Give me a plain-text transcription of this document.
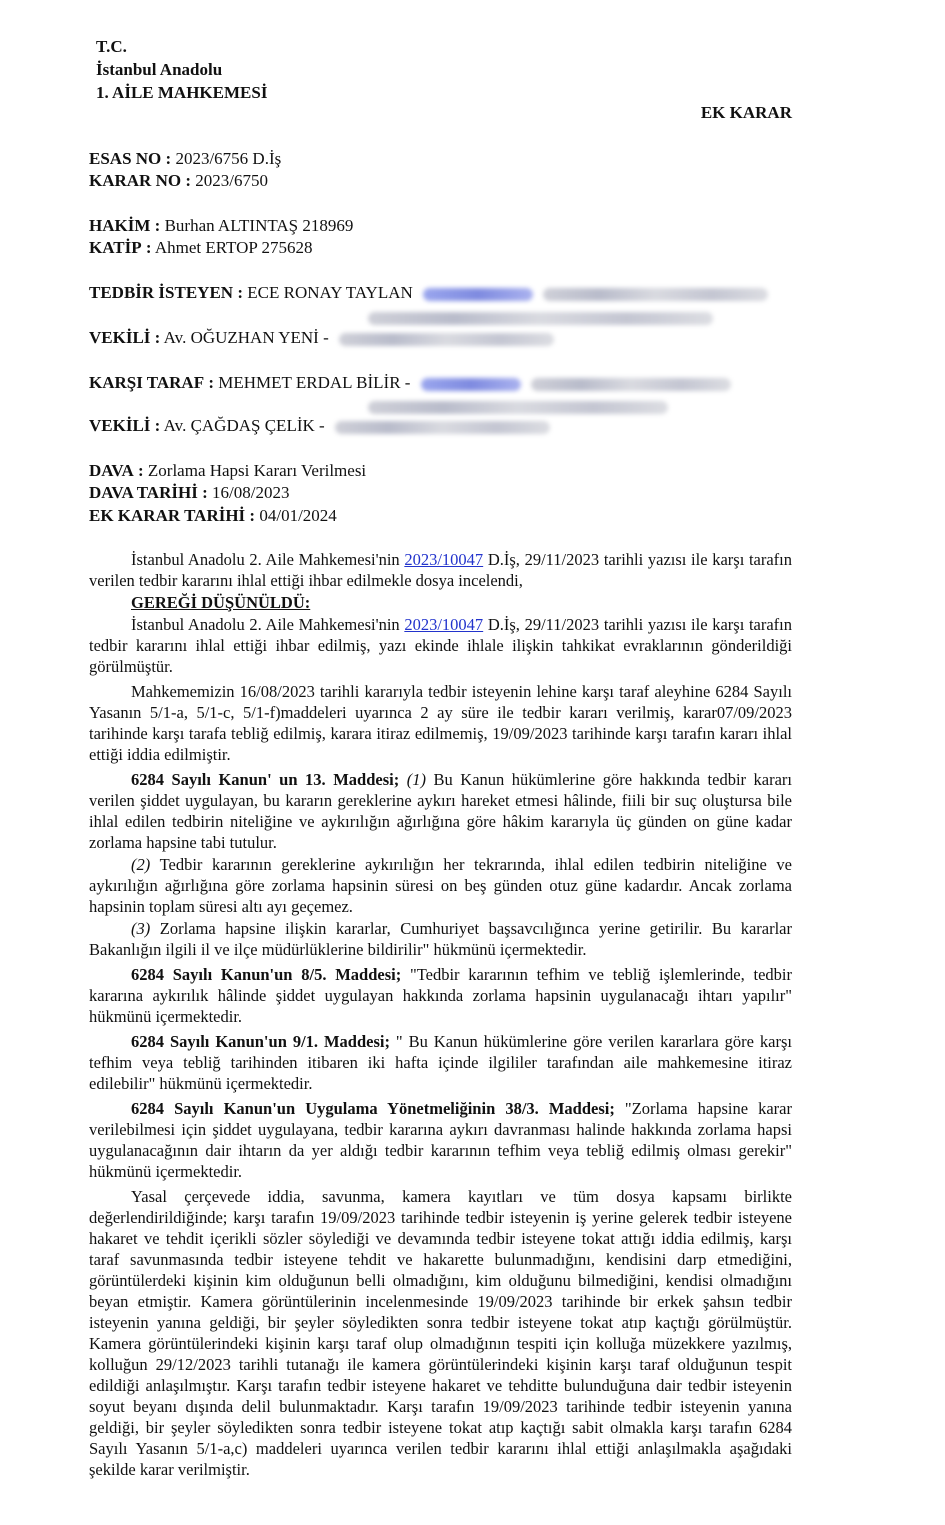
T.C.
İstanbul Anadolu
1. AİLE MAHKEMESİ
EK KARAR
ESAS NO : 2023/6756 D.İş
KARAR NO : 2023/6750
HAKİM : Burhan ALTINTAŞ 218969
KATİP : Ahmet ERTOP 275628
TEDBİR İSTEYEN : ECE RONAY TAYLAN
VEKİLİ : Av. OĞUZHAN YENİ -
KARŞI TARAF : MEHMET ERDAL BİLİR -
VEKİLİ : Av. ÇAĞDAŞ ÇELİK -
DAVA : Zorlama Hapsi Kararı Verilmesi
DAVA TARİHİ : 16/08/2023
EK KARAR TARİHİ : 04/01/2024

İstanbul Anadolu 2. Aile Mahkemesi'nin 2023/10047 D.İş, 29/11/2023 tarihli yazısı ile karşı tarafın verilen tedbir kararını ihlal ettiği ihbar edilmekle dosya incelendi,

GEREĞİ DÜŞÜNÜLDÜ:

İstanbul Anadolu 2. Aile Mahkemesi'nin 2023/10047 D.İş, 29/11/2023 tarihli yazısı ile karşı tarafın tedbir kararını ihlal ettiği ihbar edilmiş, yazı ekinde ihlale ilişkin tahkikat evraklarının gönderildiği görülmüştür.

Mahkememizin 16/08/2023 tarihli kararıyla tedbir isteyenin lehine karşı taraf aleyhine 6284 Sayılı Yasanın 5/1-a, 5/1-c, 5/1-f)maddeleri uyarınca 2 ay süre ile tedbir kararı verilmiş, karar07/09/2023 tarihinde karşı tarafa tebliğ edilmiş, karara itiraz edilmemiş, 19/09/2023 tarihinde karşı tarafın kararı ihlal ettiği iddia edilmiştir.

6284 Sayılı Kanun' un 13. Maddesi; (1) Bu Kanun hükümlerine göre hakkında tedbir kararı verilen şiddet uygulayan, bu kararın gereklerine aykırı hareket etmesi hâlinde, fiili bir suç oluştursa bile ihlal edilen tedbirin niteliğine ve aykırılığın ağırlığına göre hâkim kararıyla üç günden on güne kadar zorlama hapsine tabi tutulur.

(2) Tedbir kararının gereklerine aykırılığın her tekrarında, ihlal edilen tedbirin niteliğine ve aykırılığın ağırlığına göre zorlama hapsinin süresi on beş günden otuz güne kadardır. Ancak zorlama hapsinin toplam süresi altı ayı geçemez.

(3) Zorlama hapsine ilişkin kararlar, Cumhuriyet başsavcılığınca yerine getirilir. Bu kararlar Bakanlığın ilgili il ve ilçe müdürlüklerine bildirilir" hükmünü içermektedir.

6284 Sayılı Kanun'un 8/5. Maddesi; "Tedbir kararının tefhim ve tebliğ işlemlerinde, tedbir kararına aykırılık hâlinde şiddet uygulayan hakkında zorlama hapsinin uygulanacağı ihtarı yapılır" hükmünü içermektedir.

6284 Sayılı Kanun'un 9/1. Maddesi; " Bu Kanun hükümlerine göre verilen kararlara göre karşı tefhim veya tebliğ tarihinden itibaren iki hafta içinde ilgililer tarafından aile mahkemesine itiraz edilebilir" hükmünü içermektedir.

6284 Sayılı Kanun'un Uygulama Yönetmeliğinin 38/3. Maddesi; "Zorlama hapsine karar verilebilmesi için şiddet uygulayana, tedbir kararına aykırı davranması halinde hakkında zorlama hapsi uygulanacağının dair ihtarın da yer aldığı tedbir kararının tefhim veya tebliğ edilmiş olması gerekir" hükmünü içermektedir.

Yasal çerçevede iddia, savunma, kamera kayıtları ve tüm dosya kapsamı birlikte değerlendirildiğinde; karşı tarafın 19/09/2023 tarihinde tedbir isteyenin iş yerine gelerek tedbir isteyene hakaret ve tehdit içerikli sözler söylediği ve devamında tedbir isteyene tokat attığı iddia edilmiş, karşı taraf savunmasında tedbir isteyene tehdit ve hakarette bulunmadığını, kendisini darp etmediğini, görüntülerdeki kişinin kim olduğunun belli olmadığını, kim olduğunu bilmediğini, kendisi olmadığını beyan etmiştir. Kamera görüntülerinin incelenmesinde 19/09/2023 tarihinde bir erkek şahsın tedbir isteyenin yanına geldiği, bir şeyler söyledikten sonra tedbir isteyene tokat atıp kaçtığı görülmüştür. Kamera görüntülerindeki kişinin karşı taraf olup olmadığının tespiti için kolluğa müzekkere yazılmış, kolluğun 29/12/2023 tarihli tutanağı ile kamera görüntülerindeki kişinin karşı taraf olduğunun tespit edildiği anlaşılmıştır. Karşı tarafın tedbir isteyene hakaret ve tehditte bulunduğuna dair tedbir isteyenin soyut beyanı dışında delil bulunmaktadır. Karşı tarafın 19/09/2023 tarihinde tedbir isteyenin yanına geldiği, bir şeyler söyledikten sonra tedbir isteyene tokat atıp kaçtığı sabit olmakla karşı tarafın 6284 Sayılı Yasanın 5/1-a,c) maddeleri uyarınca verilen tedbir kararını ihlal ettiği anlaşılmakla aşağıdaki şekilde karar verilmiştir.
